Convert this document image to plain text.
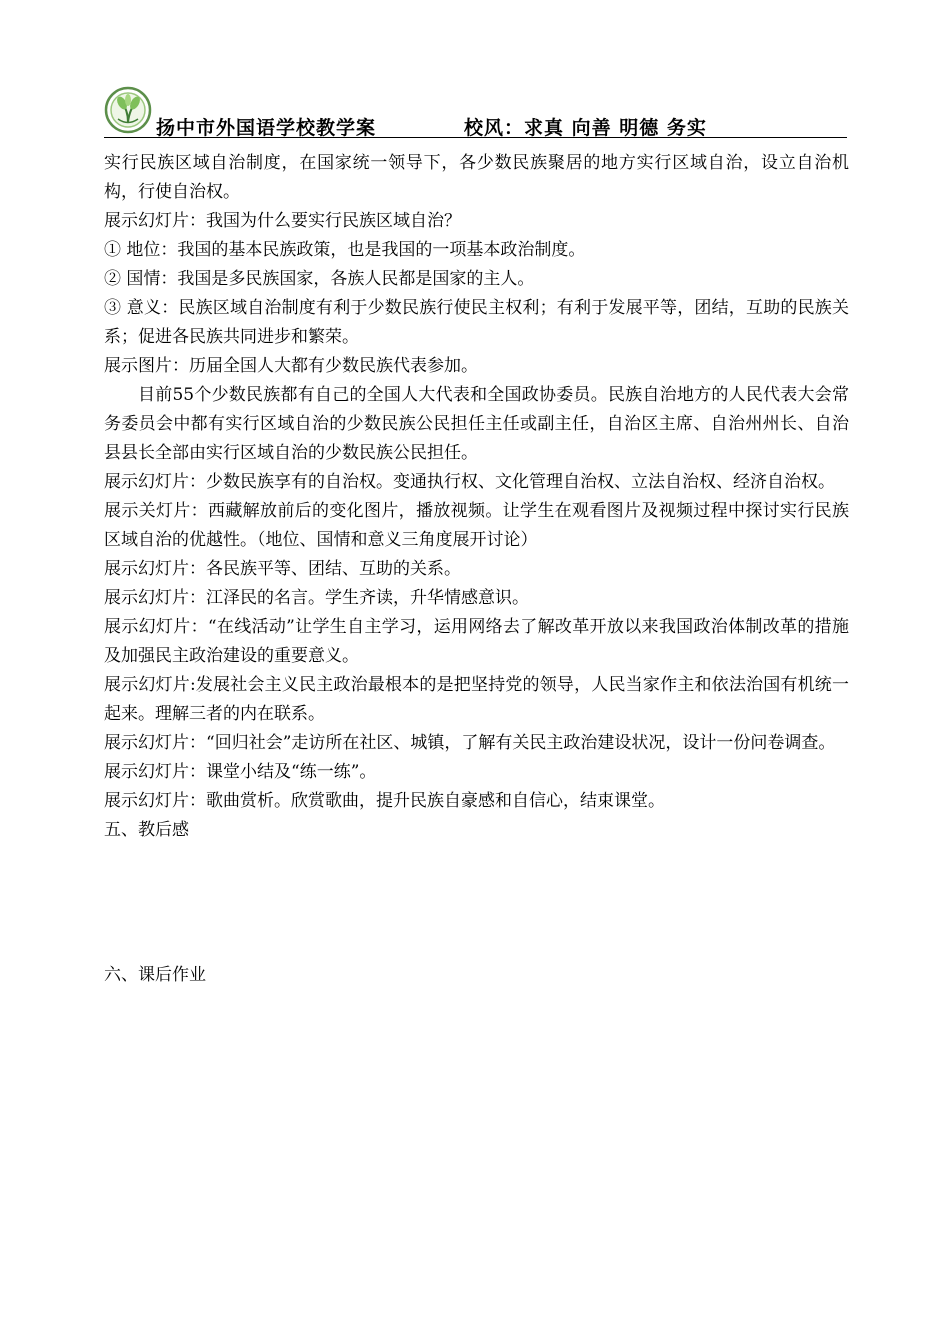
扬中市外国语学校教学案	校风：求真 向善 明德 务实

实行民族区域自治制度，在国家统一领导下，各少数民族聚居的地方实行区域自治，设立自治机构，行使自治权。

展示幻灯片：我国为什么要实行民族区域自治？

① 地位：我国的基本民族政策，也是我国的一项基本政治制度。

② 国情：我国是多民族国家，各族人民都是国家的主人。

③ 意义：民族区域自治制度有利于少数民族行使民主权利；有利于发展平等，团结，互助的民族关系；促进各民族共同进步和繁荣。

展示图片：历届全国人大都有少数民族代表参加。

目前55个少数民族都有自己的全国人大代表和全国政协委员。民族自治地方的人民代表大会常务委员会中都有实行区域自治的少数民族公民担任主任或副主任，自治区主席、自治州州长、自治县县长全部由实行区域自治的少数民族公民担任。

展示幻灯片：少数民族享有的自治权。变通执行权、文化管理自治权、立法自治权、经济自治权。

展示关灯片：西藏解放前后的变化图片，播放视频。让学生在观看图片及视频过程中探讨实行民族区域自治的优越性。（地位、国情和意义三角度展开讨论）

展示幻灯片：各民族平等、团结、互助的关系。

展示幻灯片：江泽民的名言。学生齐读，升华情感意识。

展示幻灯片：“在线活动”让学生自主学习，运用网络去了解改革开放以来我国政治体制改革的措施及加强民主政治建设的重要意义。

展示幻灯片:发展社会主义民主政治最根本的是把坚持党的领导，人民当家作主和依法治国有机统一起来。理解三者的内在联系。

展示幻灯片：“回归社会”走访所在社区、城镇，了解有关民主政治建设状况，设计一份问卷调查。

展示幻灯片：课堂小结及“练一练”。

展示幻灯片：歌曲赏析。欣赏歌曲，提升民族自豪感和自信心，结束课堂。

五、教后感

六、课后作业
